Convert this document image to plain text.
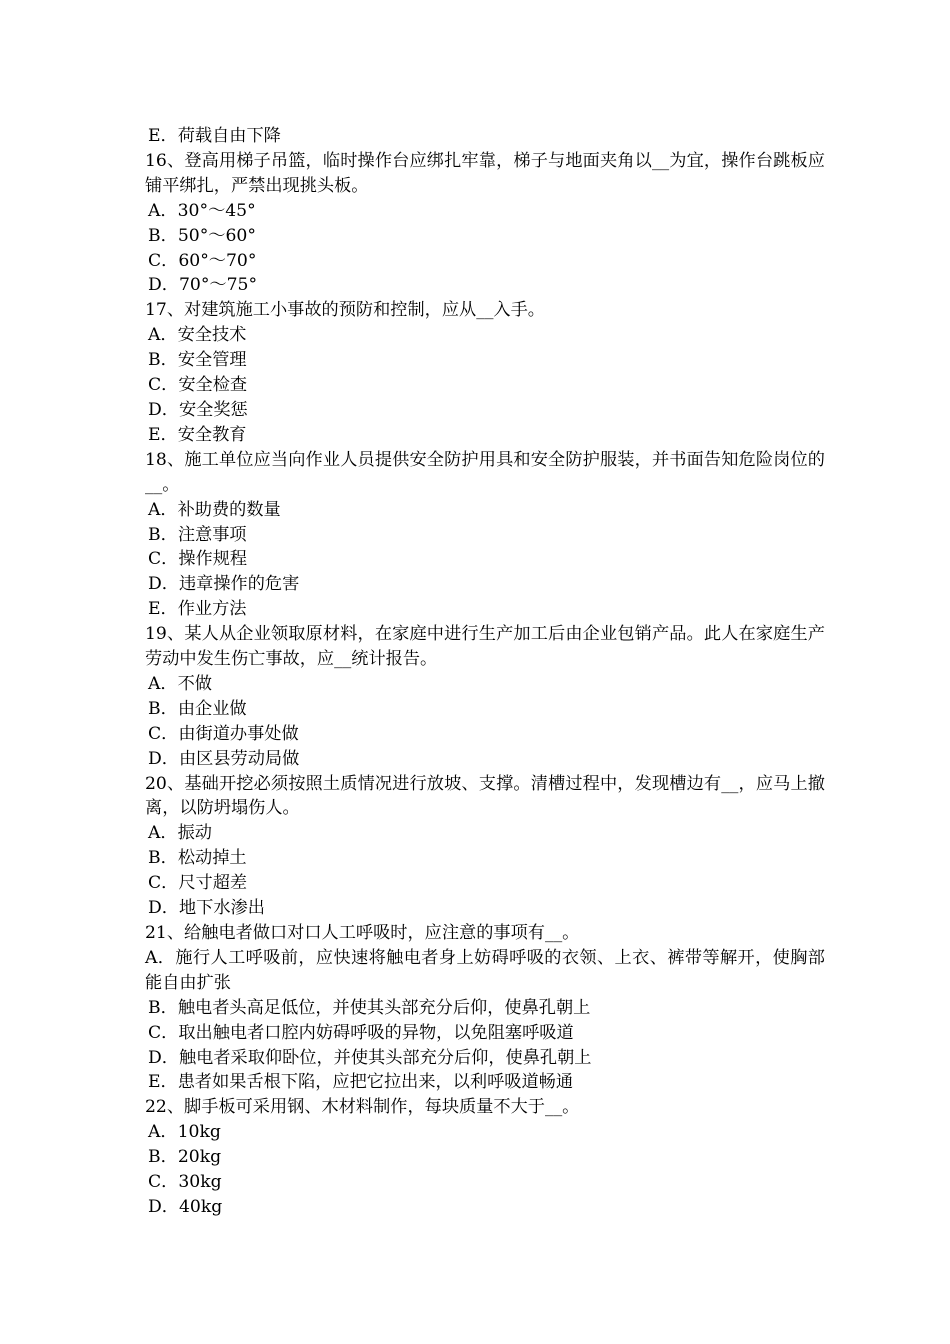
E．荷载自由下降

16、登高用梯子吊篮，临时操作台应绑扎牢靠，梯子与地面夹角以__为宜，操作台跳板应铺平绑扎，严禁出现挑头板。

A．30°～45°

B．50°～60°

C．60°～70°

D．70°～75°

17、对建筑施工小事故的预防和控制，应从__入手。

A．安全技术

B．安全管理

C．安全检查

D．安全奖惩

E．安全教育

18、施工单位应当向作业人员提供安全防护用具和安全防护服装，并书面告知危险岗位的__。

A．补助费的数量

B．注意事项

C．操作规程

D．违章操作的危害

E．作业方法

19、某人从企业领取原材料，在家庭中进行生产加工后由企业包销产品。此人在家庭生产劳动中发生伤亡事故，应__统计报告。

A．不做

B．由企业做

C．由街道办事处做

D．由区县劳动局做

20、基础开挖必须按照土质情况进行放坡、支撑。清槽过程中，发现槽边有__，应马上撤离，以防坍塌伤人。

A．振动

B．松动掉土

C．尺寸超差

D．地下水渗出

21、给触电者做口对口人工呼吸时，应注意的事项有__。

A．施行人工呼吸前，应快速将触电者身上妨碍呼吸的衣领、上衣、裤带等解开，使胸部能自由扩张

B．触电者头高足低位，并使其头部充分后仰，使鼻孔朝上

C．取出触电者口腔内妨碍呼吸的异物，以免阻塞呼吸道

D．触电者采取仰卧位，并使其头部充分后仰，使鼻孔朝上

E．患者如果舌根下陷，应把它拉出来，以利呼吸道畅通

22、脚手板可采用钢、木材料制作，每块质量不大于__。

A．10kg

B．20kg

C．30kg

D．40kg
